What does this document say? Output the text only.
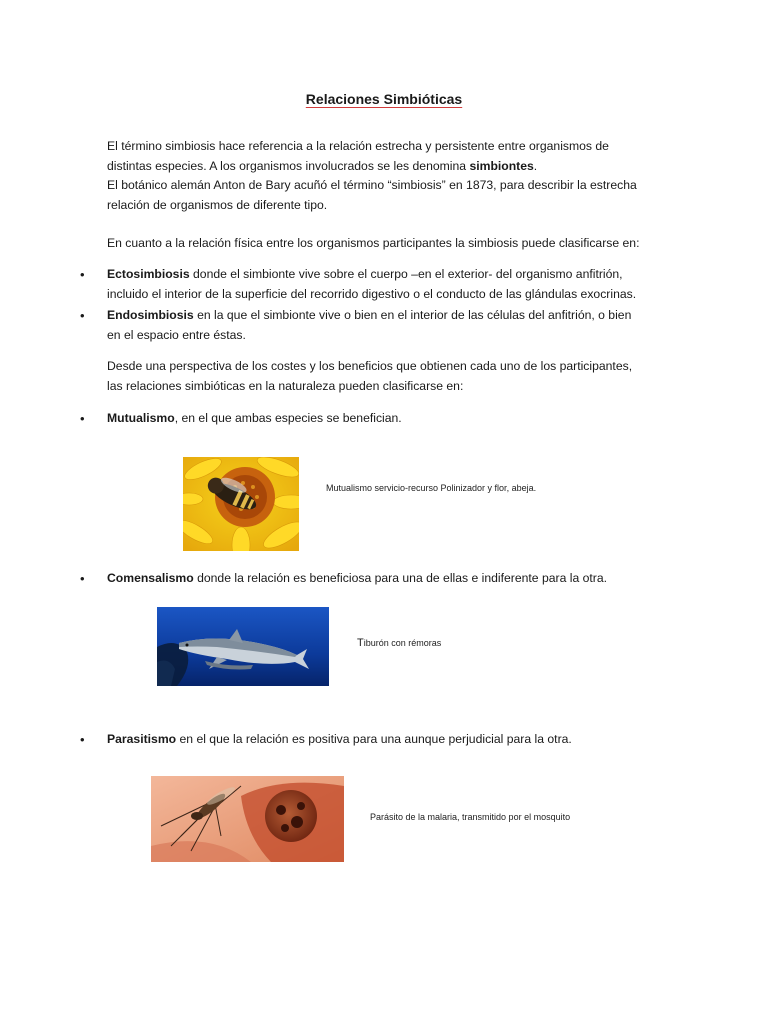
Relaciones Simbióticas
El término simbiosis hace referencia a la relación estrecha y persistente entre organismos de
distintas especies. A los organismos involucrados se les denomina simbiontes.
El botánico alemán Anton de Bary acuñó el término “simbiosis” en 1873, para describir la estrecha
relación de organismos de diferente tipo.
En cuanto a la relación física entre los organismos participantes la simbiosis puede clasificarse en:
• Ectosimbiosis donde el simbionte vive sobre el cuerpo –en el exterior- del organismo anfitrión,
incluido el interior de la superficie del recorrido digestivo o el conducto de las glándulas exocrinas.
• Endosimbiosis en la que el simbionte vive o bien en el interior de las células del anfitrión, o bien
en el espacio entre éstas.
Desde una perspectiva de los costes y los beneficios que obtienen cada uno de los participantes,
las relaciones simbióticas en la naturaleza pueden clasificarse en:
• Mutualismo, en el que ambas especies se benefician.
Mutualismo servicio-recurso Polinizador y flor, abeja.
• Comensalismo donde la relación es beneficiosa para una de ellas e indiferente para la otra.
Tiburón con rémoras
• Parasitismo en el que la relación es positiva para una aunque perjudicial para la otra.
Parásito de la malaria, transmitido por el mosquito
